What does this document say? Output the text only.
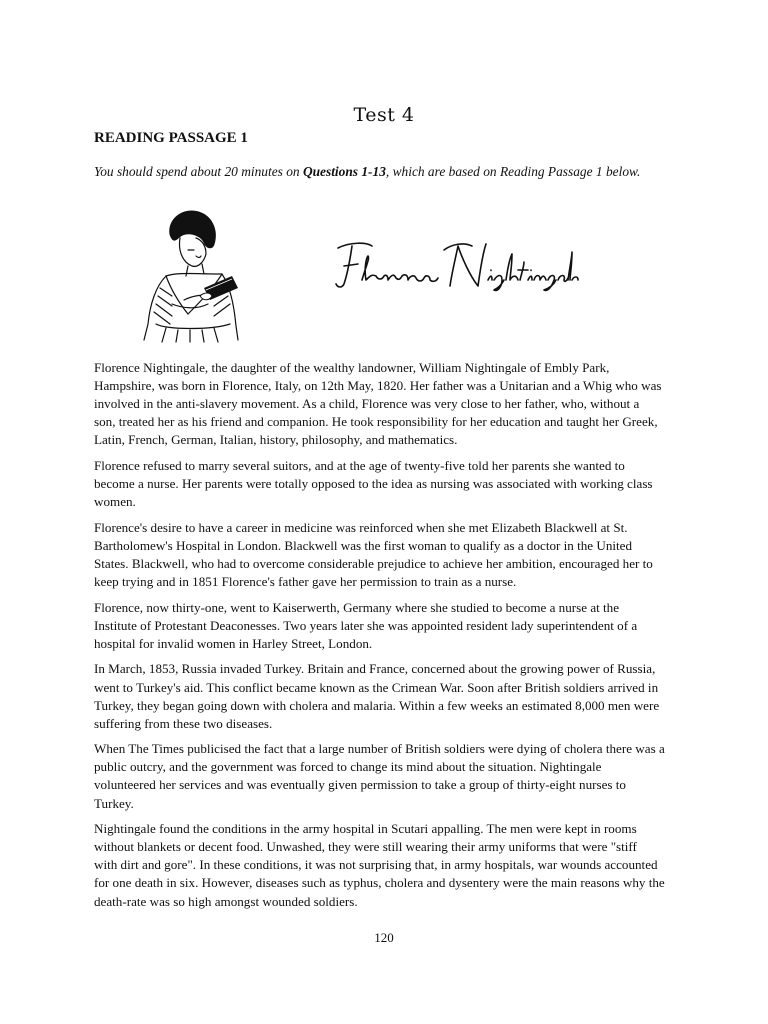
Test 4
READING PASSAGE 1
You should spend about 20 minutes on Questions 1-13, which are based on Reading Passage 1 below.

Florence Nightingale, the daughter of the wealthy landowner, William Nightingale of Embly Park,
Hampshire, was born in Florence, Italy, on 12th May, 1820. Her father was a Unitarian and a Whig who was
involved in the anti-slavery movement. As a child, Florence was very close to her father, who, without a
son, treated her as his friend and companion. He took responsibility for her education and taught her Greek,
Latin, French, German, Italian, history, philosophy, and mathematics.

Florence refused to marry several suitors, and at the age of twenty-five told her parents she wanted to
become a nurse. Her parents were totally opposed to the idea as nursing was associated with working class
women.

Florence's desire to have a career in medicine was reinforced when she met Elizabeth Blackwell at St.
Bartholomew's Hospital in London. Blackwell was the first woman to qualify as a doctor in the United
States. Blackwell, who had to overcome considerable prejudice to achieve her ambition, encouraged her to
keep trying and in 1851 Florence's father gave her permission to train as a nurse.

Florence, now thirty-one, went to Kaiserwerth, Germany where she studied to become a nurse at the
Institute of Protestant Deaconesses. Two years later she was appointed resident lady superintendent of a
hospital for invalid women in Harley Street, London.

In March, 1853, Russia invaded Turkey. Britain and France, concerned about the growing power of Russia,
went to Turkey's aid. This conflict became known as the Crimean War. Soon after British soldiers arrived in
Turkey, they began going down with cholera and malaria. Within a few weeks an estimated 8,000 men were
suffering from these two diseases.

When The Times publicised the fact that a large number of British soldiers were dying of cholera there was a
public outcry, and the government was forced to change its mind about the situation. Nightingale
volunteered her services and was eventually given permission to take a group of thirty-eight nurses to
Turkey.

Nightingale found the conditions in the army hospital in Scutari appalling. The men were kept in rooms
without blankets or decent food. Unwashed, they were still wearing their army uniforms that were "stiff
with dirt and gore". In these conditions, it was not surprising that, in army hospitals, war wounds accounted
for one death in six. However, diseases such as typhus, cholera and dysentery were the main reasons why the
death-rate was so high amongst wounded soldiers.

120
